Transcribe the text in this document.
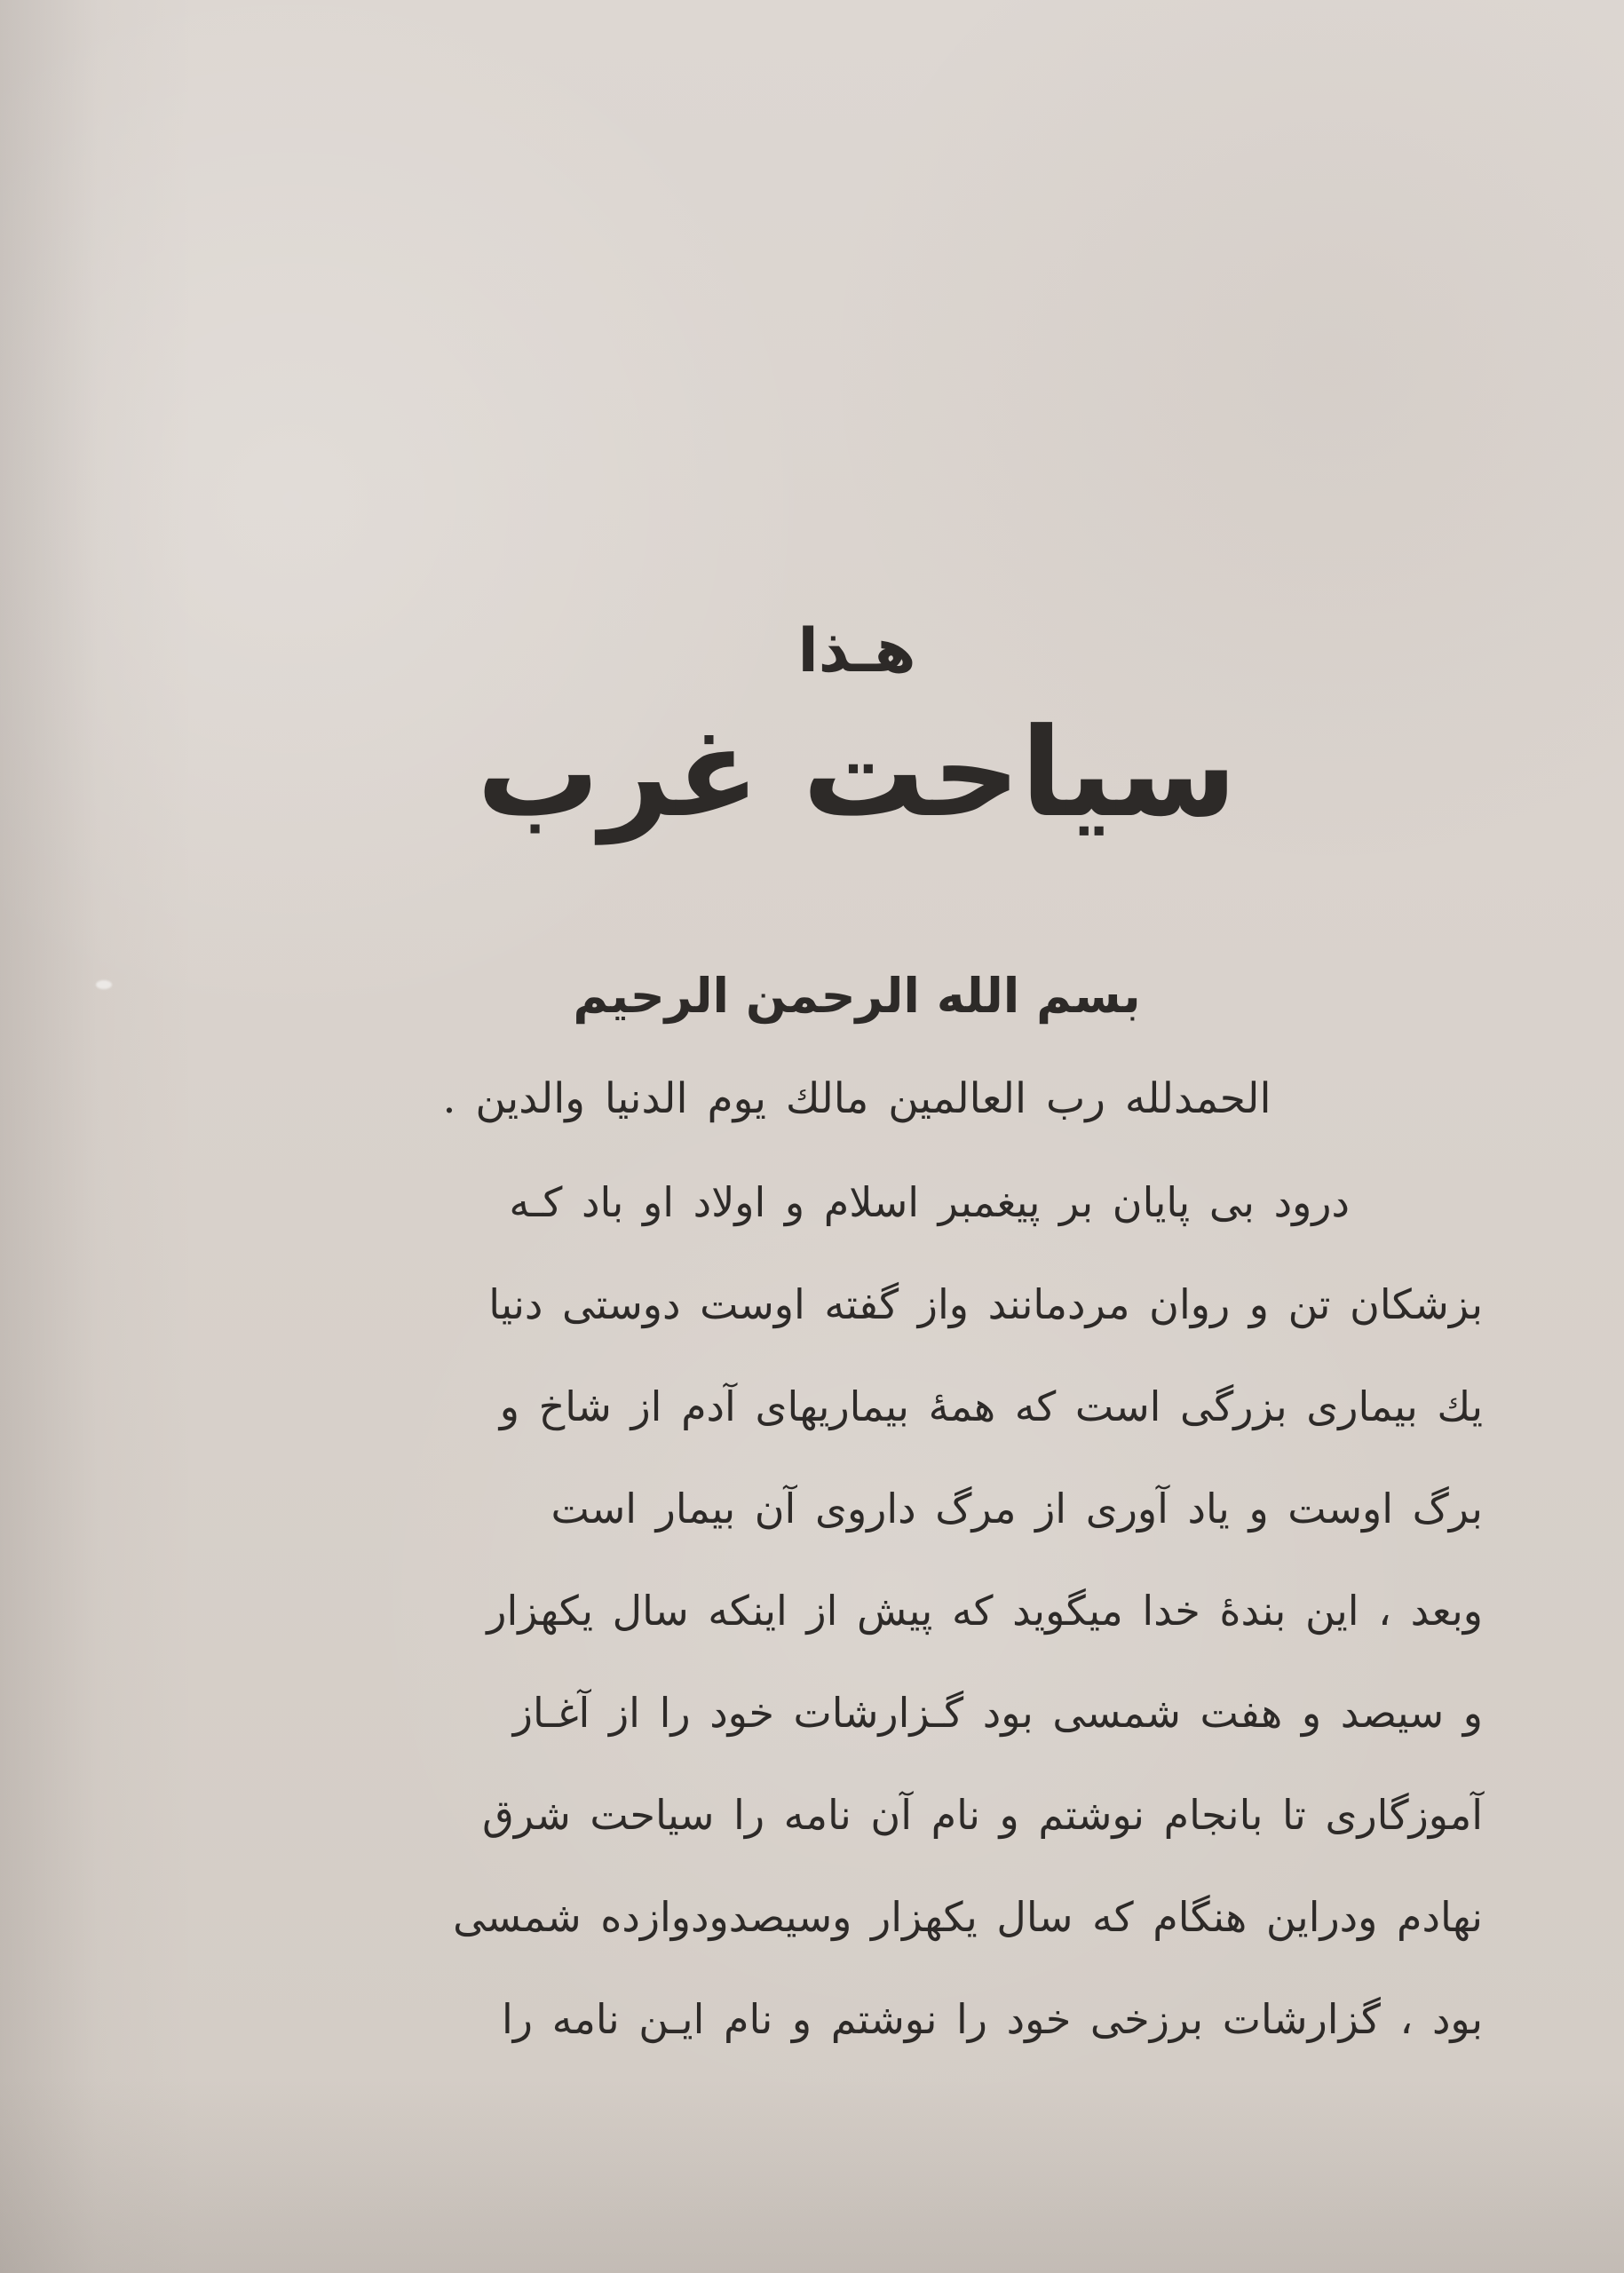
هـذا
سیاحت غرب
بسم الله الرحمن الرحیم

الحمدلله رب العالمین مالك یوم الدنیا والدین .

درود بی پایان بر پیغمبر اسلام و اولاد او باد کـه

بزشکان تن و روان مردمانند واز گفته اوست دوستی دنیا

یك بیماری بزرگی است که همهٔ بیماریهای آدم از شاخ و

برگ اوست و یاد آوری از مرگ داروی آن بیمار است

وبعد ، این بندهٔ خدا میگوید که پیش از اینکه سال یکهزار

و سیصد و هفت شمسی بود گـزارشات خود را از آغـاز

آموزگاری تا بانجام نوشتم و نام آن نامه را سیاحت شرق

نهادم ودراین هنگام که سال یکهزار وسیصدودوازده شمسی

بود ، گزارشات برزخی خود را نوشتم و نام ایـن نامه را
